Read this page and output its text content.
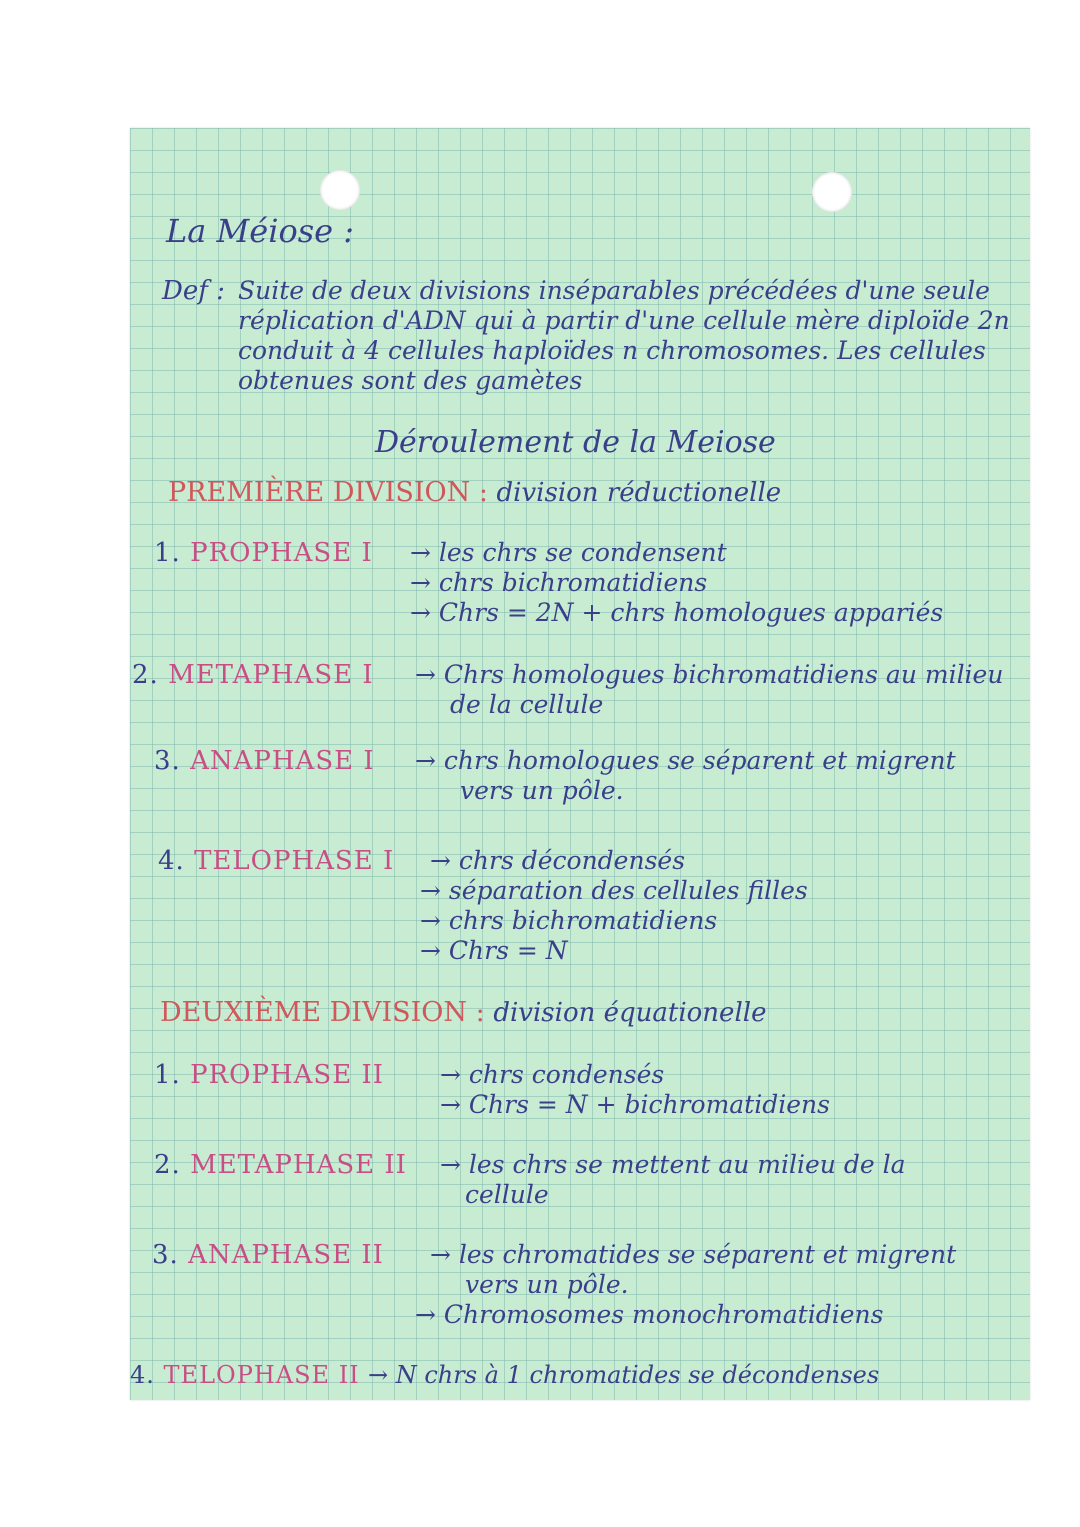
La Méiose :
Def : Suite de deux divisions inséparables précédées d'une seule
réplication d'ADN qui à partir d'une cellule mère diploïde 2n
conduit à 4 cellules haploïdes n chromosomes. Les cellules
obtenues sont des gamètes
Déroulement de la Meiose
PREMIÈRE DIVISION : division réductionelle
1. PROPHASE I → les chrs se condensent
→ chrs bichromatidiens
→ Chrs = 2N + chrs homologues appariés
2. METAPHASE I → Chrs homologues bichromatidiens au milieu
de la cellule
3. ANAPHASE I → chrs homologues se séparent et migrent
vers un pôle.
4. TELOPHASE I → chrs décondensés
→ séparation des cellules filles
→ chrs bichromatidiens
→ Chrs = N
DEUXIÈME DIVISION : division équationelle
1. PROPHASE II → chrs condensés
→ Chrs = N + bichromatidiens
2. METAPHASE II → les chrs se mettent au milieu de la
cellule
3. ANAPHASE II → les chromatides se séparent et migrent
vers un pôle.
→ Chromosomes monochromatidiens
4. TELOPHASE II → N chrs à 1 chromatides se décondenses
